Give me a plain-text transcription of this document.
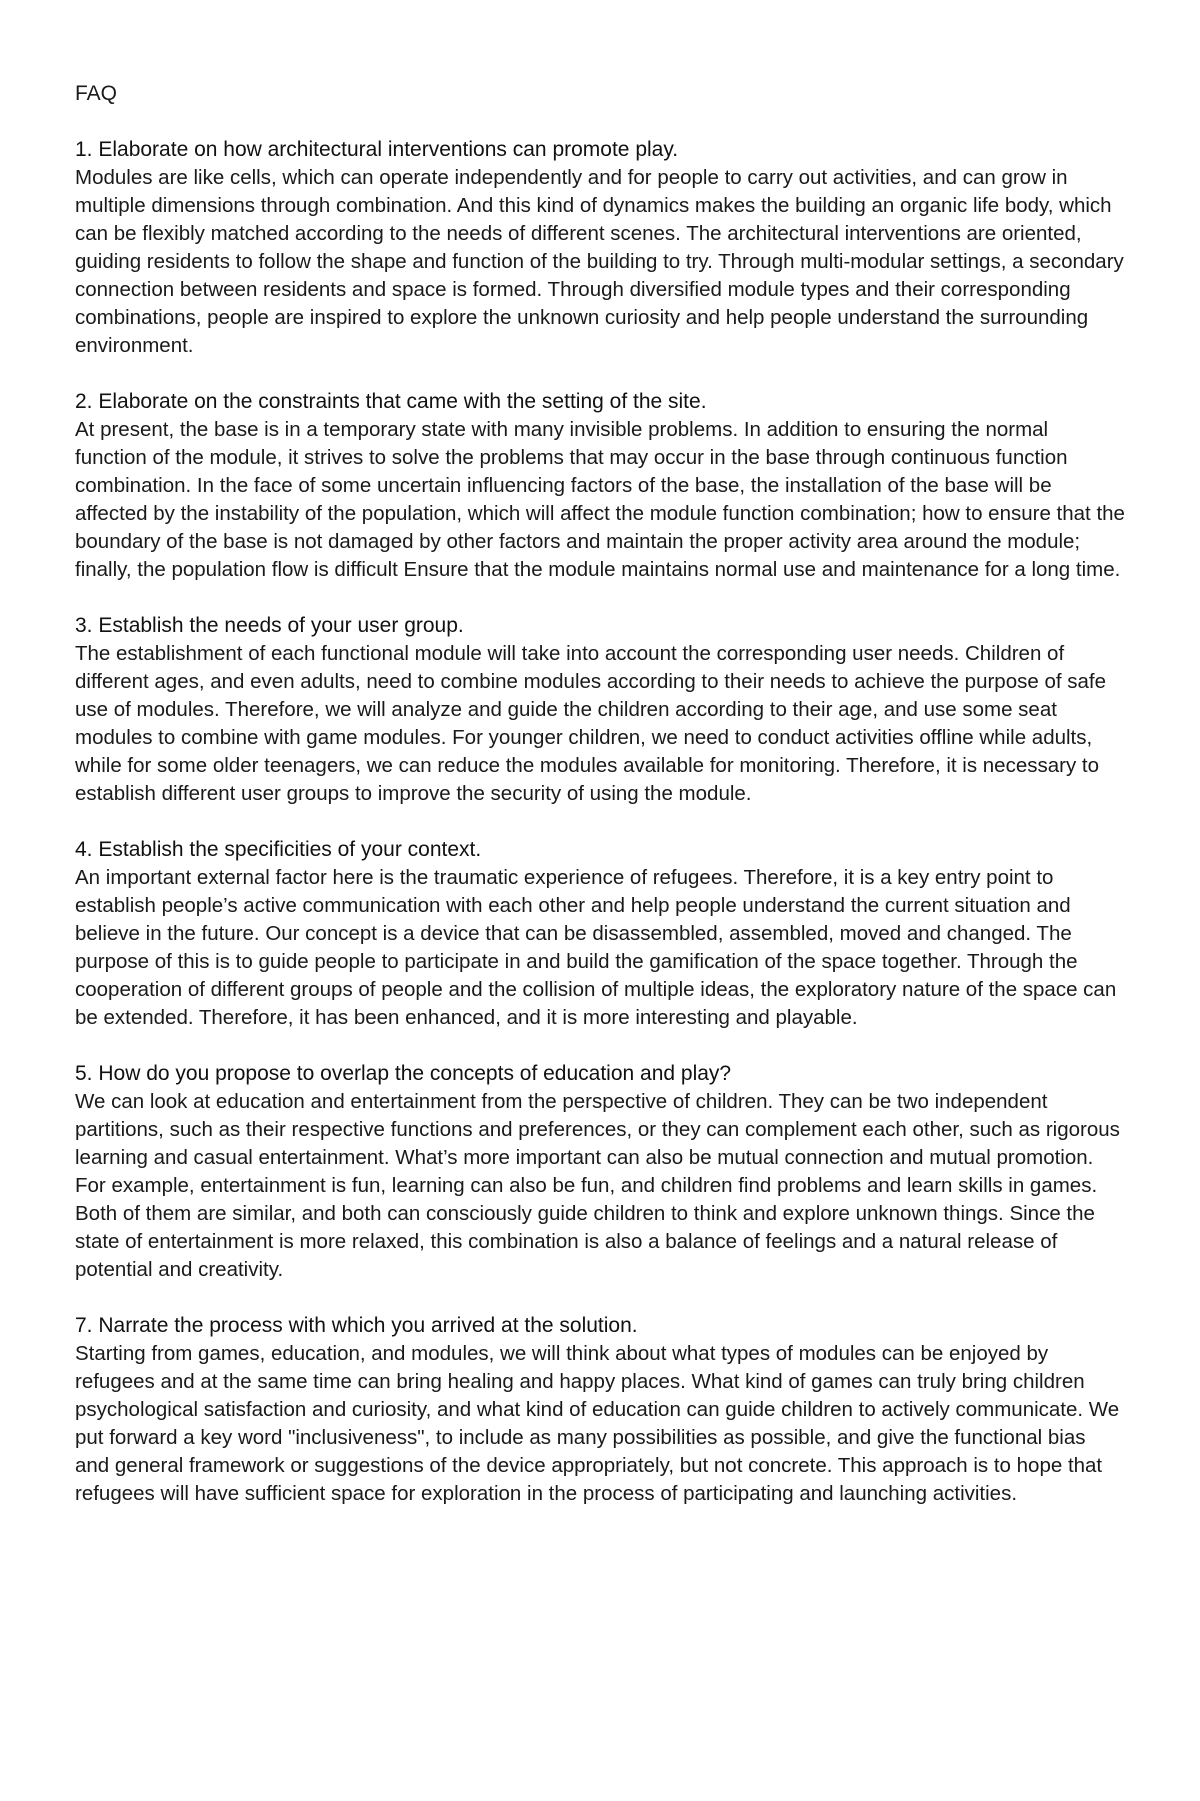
FAQ
1. Elaborate on how architectural interventions can promote play.

Modules are like cells, which can operate independently and for people to carry out activities, and can grow in multiple dimensions through combination. And this kind of dynamics makes the building an organic life body, which can be flexibly matched according to the needs of different scenes. The architectural interventions are oriented, guiding residents to follow the shape and function of the building to try. Through multi-modular settings, a secondary connection between residents and space is formed. Through diversified module types and their corresponding combinations, people are inspired to explore the unknown curiosity and help people understand the surrounding environment.

2. Elaborate on the constraints that came with the setting of the site.

At present, the base is in a temporary state with many invisible problems. In addition to ensuring the normal function of the module, it strives to solve the problems that may occur in the base through continuous function combination. In the face of some uncertain influencing factors of the base, the installation of the base will be affected by the instability of the population, which will affect the module function combination; how to ensure that the boundary of the base is not damaged by other factors and maintain the proper activity area around the module; finally, the population flow is difficult Ensure that the module maintains normal use and maintenance for a long time.

3. Establish the needs of your user group.

The establishment of each functional module will take into account the corresponding user needs. Children of different ages, and even adults, need to combine modules according to their needs to achieve the purpose of safe use of modules. Therefore, we will analyze and guide the children according to their age, and use some seat modules to combine with game modules. For younger children, we need to conduct activities offline while adults, while for some older teenagers, we can reduce the modules available for monitoring. Therefore, it is necessary to establish different user groups to improve the security of using the module.

4. Establish the specificities of your context.

An important external factor here is the traumatic experience of refugees. Therefore, it is a key entry point to establish people’s active communication with each other and help people understand the current situation and believe in the future. Our concept is a device that can be disassembled, assembled, moved and changed. The purpose of this is to guide people to participate in and build the gamification of the space together. Through the cooperation of different groups of people and the collision of multiple ideas, the exploratory nature of the space can be extended. Therefore, it has been enhanced, and it is more interesting and playable.

5. How do you propose to overlap the concepts of education and play?

We can look at education and entertainment from the perspective of children. They can be two independent partitions, such as their respective functions and preferences, or they can complement each other, such as rigorous learning and casual entertainment. What’s more important can also be mutual connection and mutual promotion. For example, entertainment is fun, learning can also be fun, and children find problems and learn skills in games. Both of them are similar, and both can consciously guide children to think and explore unknown things. Since the state of entertainment is more relaxed, this combination is also a balance of feelings and a natural release of potential and creativity.

7. Narrate the process with which you arrived at the solution.

Starting from games, education, and modules, we will think about what types of modules can be enjoyed by refugees and at the same time can bring healing and happy places. What kind of games can truly bring children psychological satisfaction and curiosity, and what kind of education can guide children to actively communicate. We put forward a key word "inclusiveness", to include as many possibilities as possible, and give the functional bias and general framework or suggestions of the device appropriately, but not concrete. This approach is to hope that refugees will have sufficient space for exploration in the process of participating and launching activities.
